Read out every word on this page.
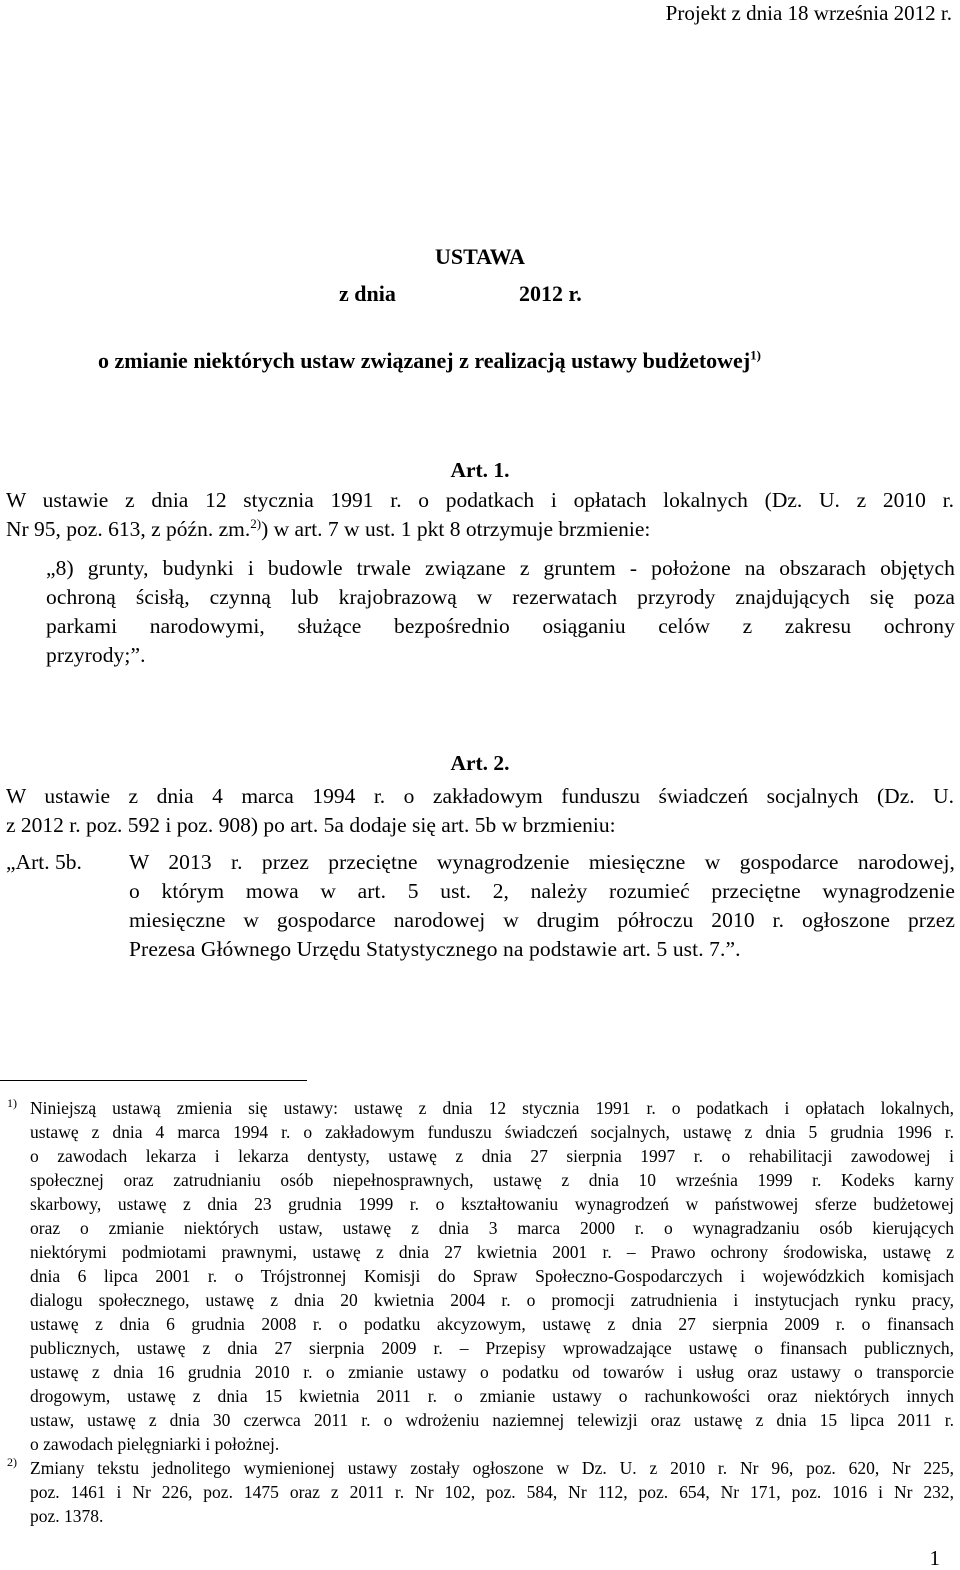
Projekt z dnia 18 września 2012 r.
USTAWA
z dnia	2012 r.
o zmianie niektórych ustaw związanej z realizacją ustawy budżetowej$^{1)}$
Art. 1.
W ustawie z dnia 12 stycznia 1991 r. o podatkach i opłatach lokalnych (Dz. U. z 2010 r.
Nr 95, poz. 613, z późn. zm.$^{2)}$) w art. 7 w ust. 1 pkt 8 otrzymuje brzmienie:
„8) grunty, budynki i budowle trwale związane z gruntem - położone na obszarach objętych
ochroną ścisłą, czynną lub krajobrazową w rezerwatach przyrody znajdujących się poza
parkami narodowymi, służące bezpośrednio osiąganiu celów z zakresu ochrony
przyrody;”.
Art. 2.
W ustawie z dnia 4 marca 1994 r. o zakładowym funduszu świadczeń socjalnych (Dz. U.
z 2012 r. poz. 592 i poz. 908) po art. 5a dodaje się art. 5b w brzmieniu:
„Art. 5b. W 2013 r. przez przeciętne wynagrodzenie miesięczne w gospodarce narodowej,
o którym mowa w art. 5 ust. 2, należy rozumieć przeciętne wynagrodzenie
miesięczne w gospodarce narodowej w drugim półroczu 2010 r. ogłoszone przez
Prezesa Głównego Urzędu Statystycznego na podstawie art. 5 ust. 7.”.
1) Niniejszą ustawą zmienia się ustawy: ustawę z dnia 12 stycznia 1991 r. o podatkach i opłatach lokalnych,
ustawę z dnia 4 marca 1994 r. o zakładowym funduszu świadczeń socjalnych, ustawę z dnia 5 grudnia 1996 r.
o zawodach lekarza i lekarza dentysty, ustawę z dnia 27 sierpnia 1997 r. o rehabilitacji zawodowej i
społecznej oraz zatrudnianiu osób niepełnosprawnych, ustawę z dnia 10 września 1999 r. Kodeks karny
skarbowy, ustawę z dnia 23 grudnia 1999 r. o kształtowaniu wynagrodzeń w państwowej sferze budżetowej
oraz o zmianie niektórych ustaw, ustawę z dnia 3 marca 2000 r. o wynagradzaniu osób kierujących
niektórymi podmiotami prawnymi, ustawę z dnia 27 kwietnia 2001 r. – Prawo ochrony środowiska, ustawę z
dnia 6 lipca 2001 r. o Trójstronnej Komisji do Spraw Społeczno-Gospodarczych i wojewódzkich komisjach
dialogu społecznego, ustawę z dnia 20 kwietnia 2004 r. o promocji zatrudnienia i instytucjach rynku pracy,
ustawę z dnia 6 grudnia 2008 r. o podatku akcyzowym, ustawę z dnia 27 sierpnia 2009 r. o finansach
publicznych, ustawę z dnia 27 sierpnia 2009 r. – Przepisy wprowadzające ustawę o finansach publicznych,
ustawę z dnia 16 grudnia 2010 r. o zmianie ustawy o podatku od towarów i usług oraz ustawy o transporcie
drogowym, ustawę z dnia 15 kwietnia 2011 r. o zmianie ustawy o rachunkowości oraz niektórych innych
ustaw, ustawę z dnia 30 czerwca 2011 r. o wdrożeniu naziemnej telewizji oraz ustawę z dnia 15 lipca 2011 r.
o zawodach pielęgniarki i położnej.
2) Zmiany tekstu jednolitego wymienionej ustawy zostały ogłoszone w Dz. U. z 2010 r. Nr 96, poz. 620, Nr 225,
poz. 1461 i Nr 226, poz. 1475 oraz z 2011 r. Nr 102, poz. 584, Nr 112, poz. 654, Nr 171, poz. 1016 i Nr 232,
poz. 1378.
1
